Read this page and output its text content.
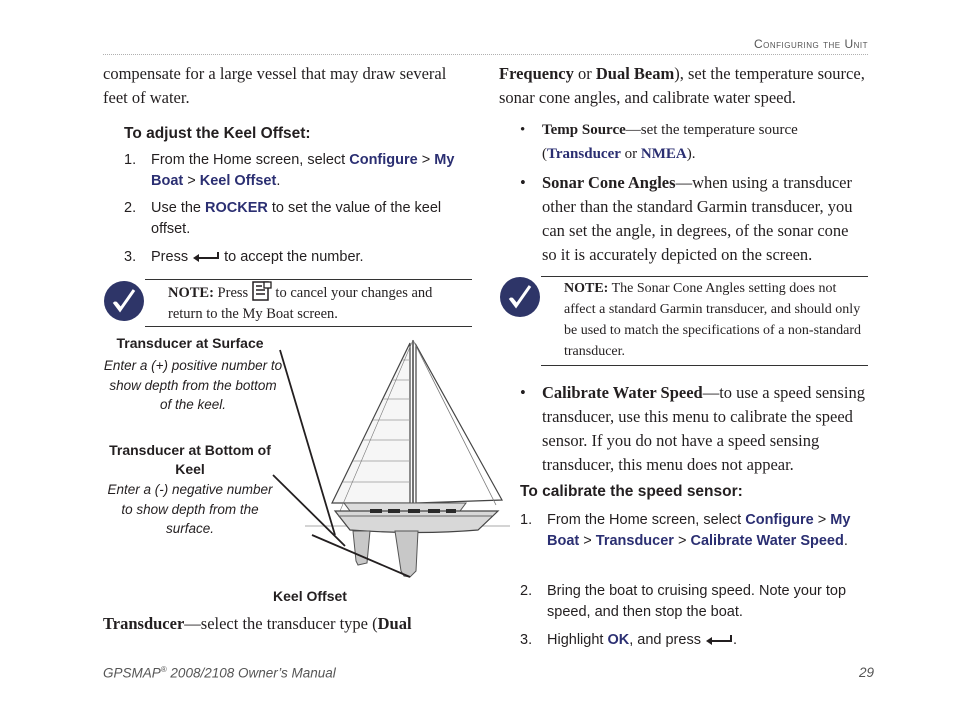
Configuring the Unit
compensate for a large vessel that may draw several feet of water.
To adjust the Keel Offset:
1. From the Home screen, select Configure > My Boat > Keel Offset.
2. Use the ROCKER to set the value of the keel offset.
3. Press  to accept the number.
NOTE: Press  to cancel your changes and return to the My Boat screen.
Transducer at Surface
Enter a (+) positive number to show depth from the bottom of the keel.
Transducer at Bottom of Keel
Enter a (-) negative number to show depth from the surface.
Keel Offset
Transducer—select the transducer type (Dual
Frequency or Dual Beam), set the temperature source, sonar cone angles, and calibrate water speed.
• Temp Source—set the temperature source (Transducer or NMEA).
• Sonar Cone Angles—when using a transducer other than the standard Garmin transducer, you can set the angle, in degrees, of the sonar cone so it is accurately depicted on the screen.
NOTE: The Sonar Cone Angles setting does not affect a standard Garmin transducer, and should only be used to match the specifications of a non-standard transducer.
• Calibrate Water Speed—to use a speed sensing transducer, use this menu to calibrate the speed sensor. If you do not have a speed sensing transducer, this menu does not appear.
To calibrate the speed sensor:
1. From the Home screen, select Configure > My Boat > Transducer > Calibrate Water Speed.
2. Bring the boat to cruising speed. Note your top speed, and then stop the boat.
3. Highlight OK, and press .
GPSMAP® 2008/2108 Owner’s Manual	29
